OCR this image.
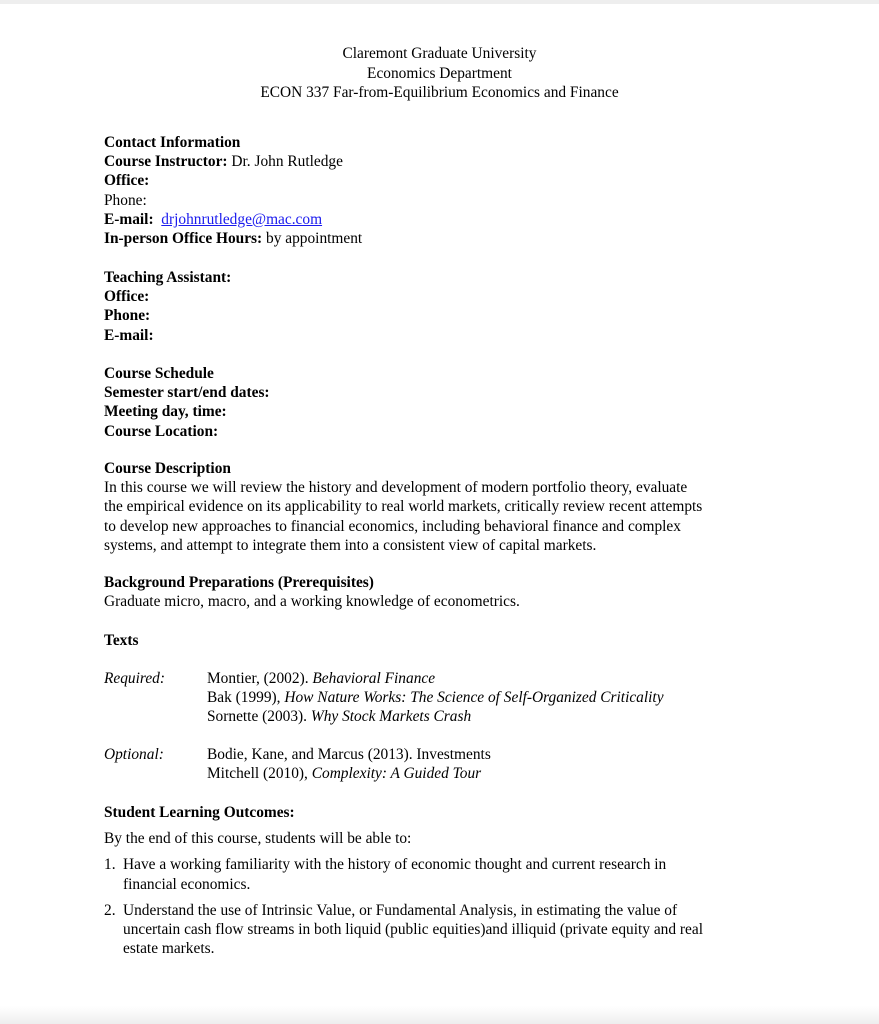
Claremont Graduate University
Economics Department
ECON 337 Far-from-Equilibrium Economics and Finance
Contact Information
Course Instructor: Dr. John Rutledge
Office:
Phone:
E-mail: drjohnrutledge@mac.com
In-person Office Hours: by appointment
Teaching Assistant:
Office:
Phone:
E-mail:
Course Schedule
Semester start/end dates:
Meeting day, time:
Course Location:
Course Description
In this course we will review the history and development of modern portfolio theory, evaluate
the empirical evidence on its applicability to real world markets, critically review recent attempts
to develop new approaches to financial economics, including behavioral finance and complex
systems, and attempt to integrate them into a consistent view of capital markets.
Background Preparations (Prerequisites)
Graduate micro, macro, and a working knowledge of econometrics.
Texts
Required:	Montier, (2002). Behavioral Finance
Bak (1999), How Nature Works: The Science of Self-Organized Criticality
Sornette (2003). Why Stock Markets Crash
Optional:	Bodie, Kane, and Marcus (2013). Investments
Mitchell (2010), Complexity: A Guided Tour
Student Learning Outcomes:
By the end of this course, students will be able to:
1. Have a working familiarity with the history of economic thought and current research in
financial economics.
2. Understand the use of Intrinsic Value, or Fundamental Analysis, in estimating the value of
uncertain cash flow streams in both liquid (public equities)and illiquid (private equity and real
estate markets.
